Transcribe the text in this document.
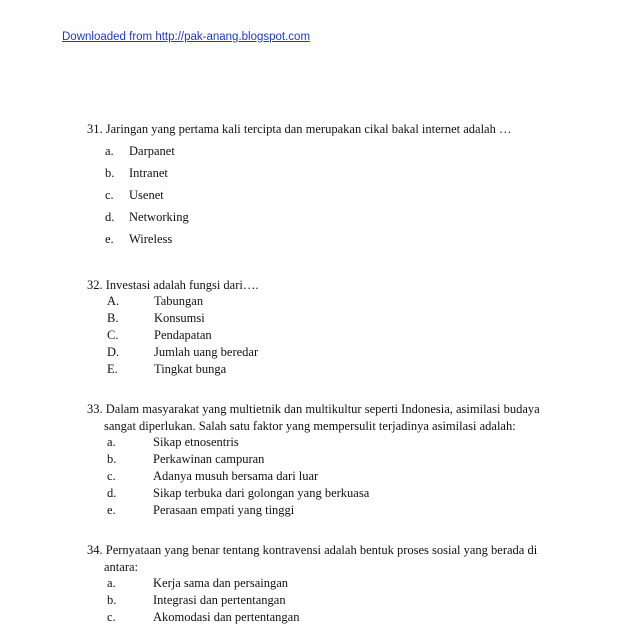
Downloaded from http://pak-anang.blogspot.com

31. Jaringan yang pertama kali tercipta dan merupakan cikal bakal internet adalah …

a. Darpanet
b. Intranet
c. Usenet
d. Networking
e. Wireless

32. Investasi adalah fungsi dari….

A.	Tabungan
B.	Konsumsi
C.	Pendapatan
D.	Jumlah uang beredar
E.	Tingkat bunga

33. Dalam masyarakat yang multietnik dan multikultur seperti Indonesia, asimilasi budaya
sangat diperlukan. Salah satu faktor yang mempersulit terjadinya asimilasi adalah:

a.	Sikap etnosentris
b.	Perkawinan campuran
c.	Adanya musuh bersama dari luar
d.	Sikap terbuka dari golongan yang berkuasa
e.	Perasaan empati yang tinggi

34. Pernyataan yang benar tentang kontravensi adalah bentuk proses sosial yang berada di
antara:

a.	Kerja sama dan persaingan
b.	Integrasi dan pertentangan
c.	Akomodasi dan pertentangan
